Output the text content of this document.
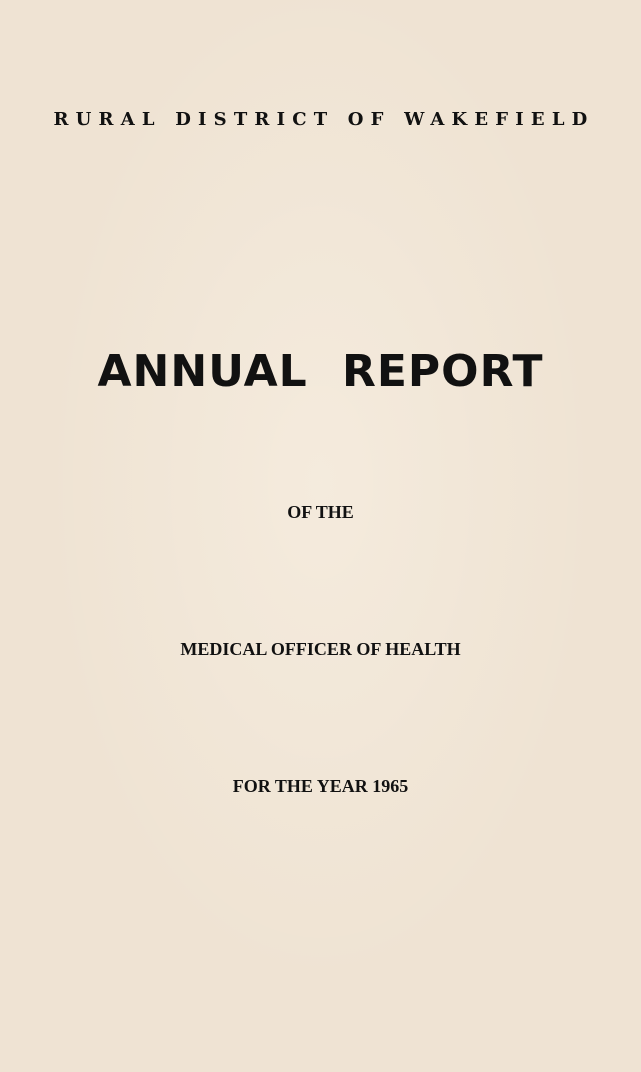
RURAL DISTRICT OF WAKEFIELD
ANNUAL REPORT
OF THE
MEDICAL OFFICER OF HEALTH
FOR THE YEAR 1965
